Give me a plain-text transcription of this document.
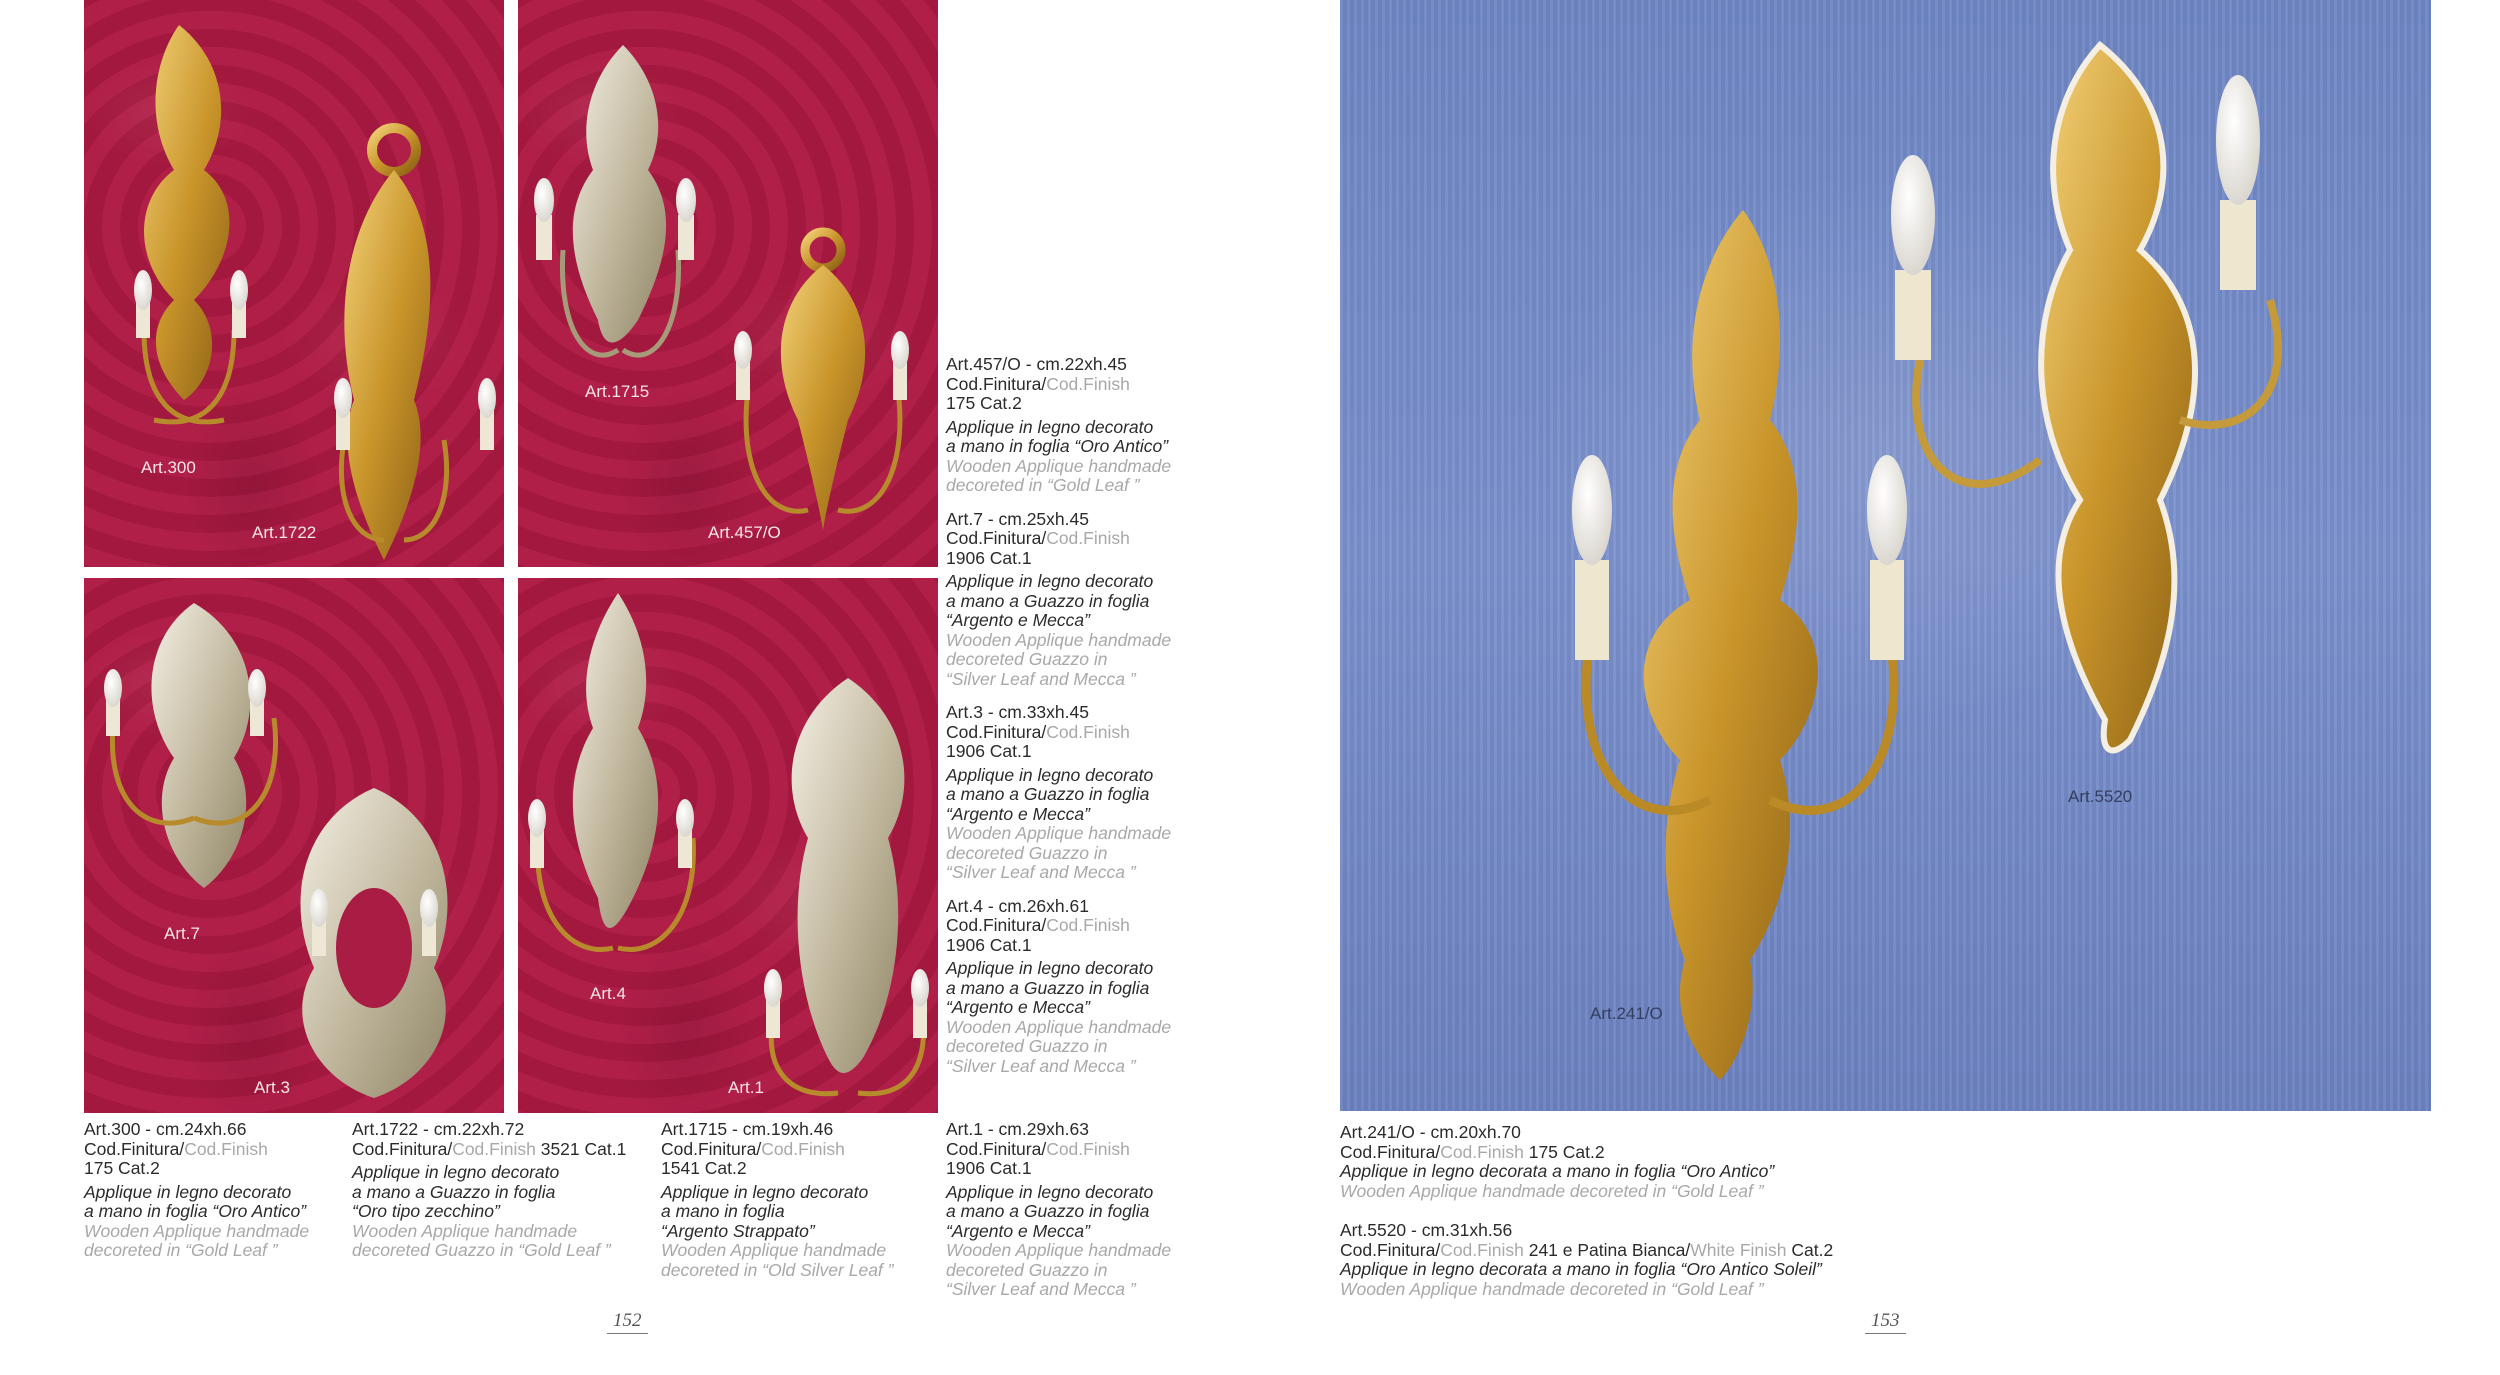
Art.300
Art.1722
Art.1715
Art.457/O
Art.7
Art.3
Art.4
Art.1
Art.241/O
Art.5520
Art.457/O - cm.22xh.45
Cod.Finitura/Cod.Finish
175 Cat.2
Applique in legno decorato
a mano in foglia “Oro Antico”
Wooden Applique handmade
decoreted in “Gold Leaf ”
Art.7 - cm.25xh.45
Cod.Finitura/Cod.Finish
1906 Cat.1
Applique in legno decorato
a mano a Guazzo in foglia
“Argento e Mecca”
Wooden Applique handmade
decoreted Guazzo in
“Silver Leaf and Mecca ”
Art.3 - cm.33xh.45
Cod.Finitura/Cod.Finish
1906 Cat.1
Applique in legno decorato
a mano a Guazzo in foglia
“Argento e Mecca”
Wooden Applique handmade
decoreted Guazzo in
“Silver Leaf and Mecca ”
Art.4 - cm.26xh.61
Cod.Finitura/Cod.Finish
1906 Cat.1
Applique in legno decorato
a mano a Guazzo in foglia
“Argento e Mecca”
Wooden Applique handmade
decoreted Guazzo in
“Silver Leaf and Mecca ”
Art.300 - cm.24xh.66
Cod.Finitura/Cod.Finish
175 Cat.2
Applique in legno decorato
a mano in foglia “Oro Antico”
Wooden Applique handmade
decoreted in “Gold Leaf ”
Art.1722 - cm.22xh.72
Cod.Finitura/Cod.Finish 3521 Cat.1
Applique in legno decorato
a mano a Guazzo in foglia
“Oro tipo zecchino”
Wooden Applique handmade
decoreted Guazzo in “Gold Leaf ”
Art.1715 - cm.19xh.46
Cod.Finitura/Cod.Finish
1541 Cat.2
Applique in legno decorato
a mano in foglia
“Argento Strappato”
Wooden Applique handmade
decoreted in “Old Silver Leaf ”
Art.1 - cm.29xh.63
Cod.Finitura/Cod.Finish
1906 Cat.1
Applique in legno decorato
a mano a Guazzo in foglia
“Argento e Mecca”
Wooden Applique handmade
decoreted Guazzo in
“Silver Leaf and Mecca ”
152
Art.241/O - cm.20xh.70
Cod.Finitura/Cod.Finish 175 Cat.2
Applique in legno decorata a mano in foglia “Oro Antico”
Wooden Applique handmade decoreted in “Gold Leaf ”
Art.5520 - cm.31xh.56
Cod.Finitura/Cod.Finish 241 e Patina Bianca/White Finish Cat.2
Applique in legno decorata a mano in foglia “Oro Antico Soleil”
Wooden Applique handmade decoreted in “Gold Leaf ”
153
